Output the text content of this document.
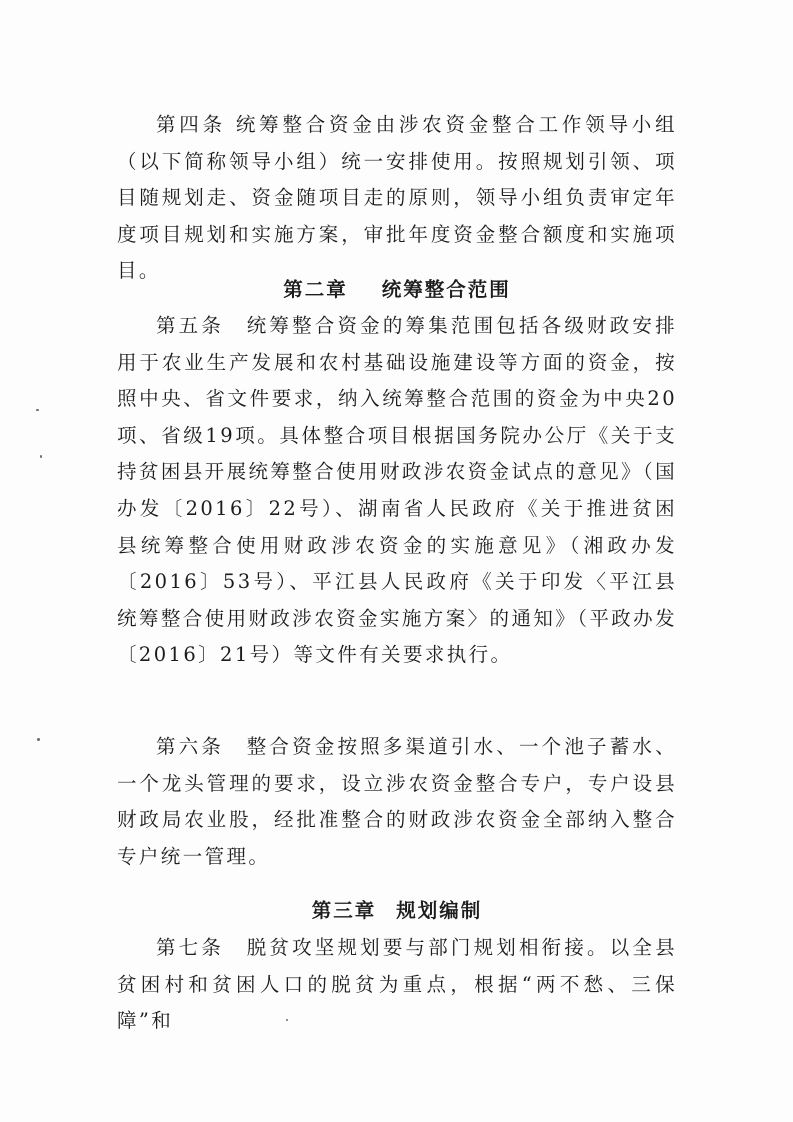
第四条 统筹整合资金由涉农资金整合工作领导小组（以下简称领导小组）统一安排使用。按照规划引领、项目随规划走、资金随项目走的原则，领导小组负责审定年度项目规划和实施方案，审批年度资金整合额度和实施项目。

第二章 统筹整合范围

第五条　统筹整合资金的筹集范围包括各级财政安排用于农业生产发展和农村基础设施建设等方面的资金，按照中央、省文件要求，纳入统筹整合范围的资金为中央20项、省级19项。具体整合项目根据国务院办公厅《关于支持贫困县开展统筹整合使用财政涉农资金试点的意见》（国办发〔2016〕22号）、湖南省人民政府《关于推进贫困县统筹整合使用财政涉农资金的实施意见》（湘政办发〔2016〕53号）、平江县人民政府《关于印发〈平江县统筹整合使用财政涉农资金实施方案〉的通知》（平政办发〔2016〕21号）等文件有关要求执行。

第六条　整合资金按照多渠道引水、一个池子蓄水、一个龙头管理的要求，设立涉农资金整合专户，专户设县财政局农业股，经批准整合的财政涉农资金全部纳入整合专户统一管理。

第三章 规划编制

第七条　脱贫攻坚规划要与部门规划相衔接。以全县贫困村和贫困人口的脱贫为重点，根据“两不愁、三保障”和
